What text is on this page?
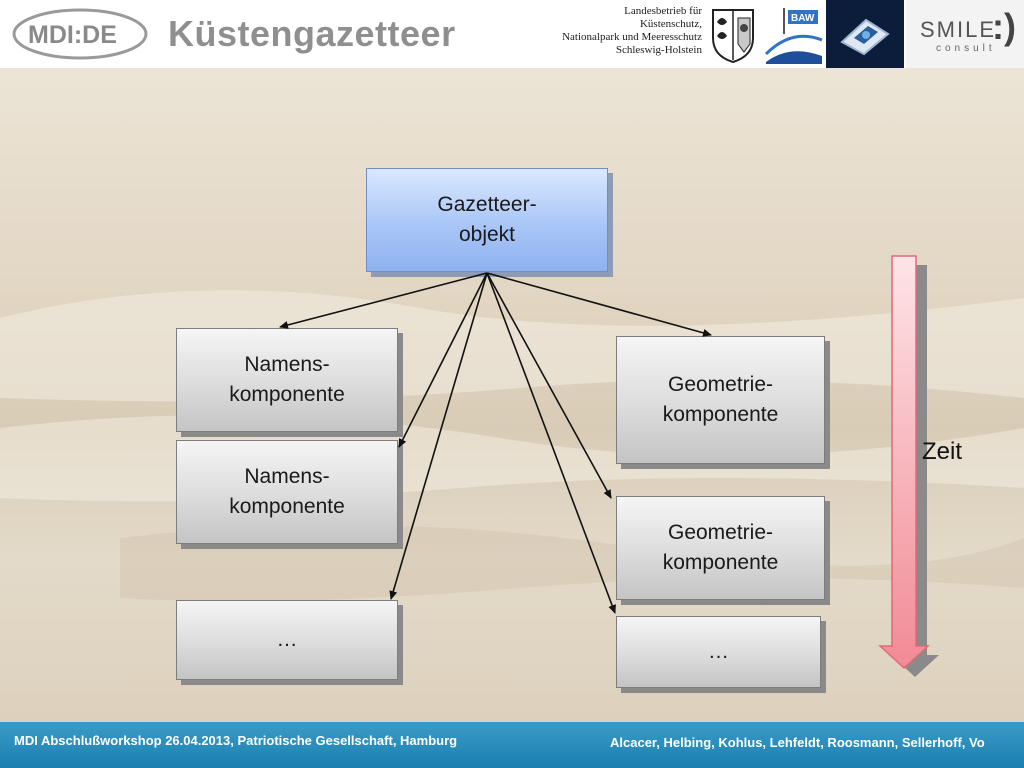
MDI:DE Küstengazetteer
Landesbetrieb für
Küstenschutz,
Nationalpark und Meeresschutz
Schleswig-Holstein
BAW	SMILE
consult
:)
Gazetteer-
objekt
Namens-
komponente
Namens-
komponente
…
Geometrie-
komponente
Geometrie-
komponente
…
Zeit
MDI Abschlußworkshop 26.04.2013, Patriotische Gesellschaft, Hamburg	Alcacer, Helbing, Kohlus, Lehfeldt, Roosmann, Sellerhoff, Vo
